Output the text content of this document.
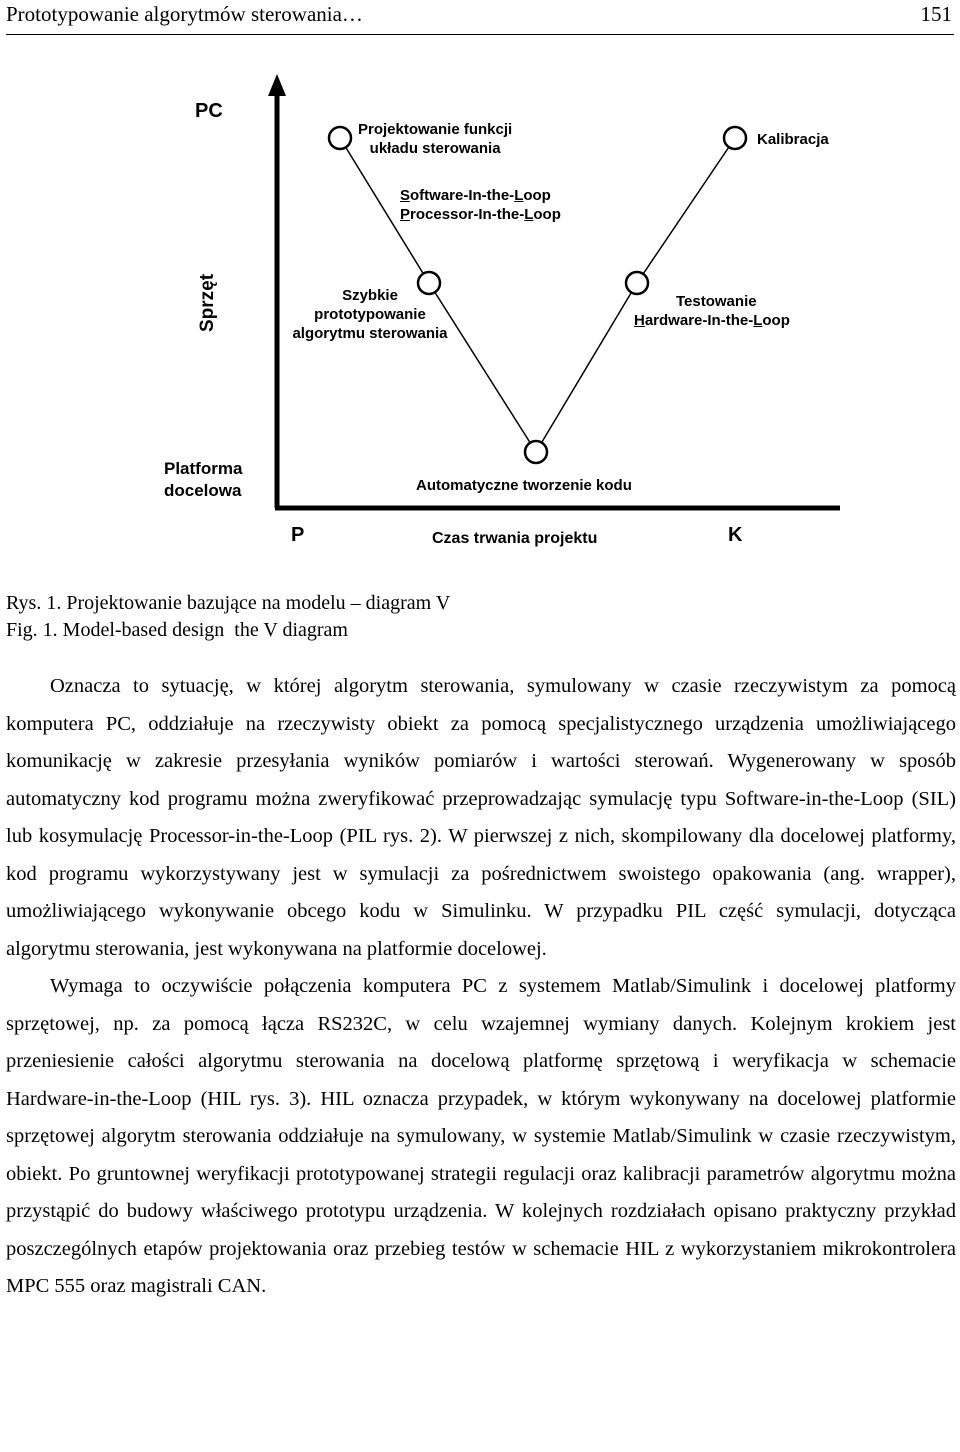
Prototypowanie algorytmów sterowania…	151
PC
Sprzęt
Platforma
docelowa
P	Czas trwania projektu	K
Projektowanie funkcji
układu sterowania
Software-In-the-Loop
Processor-In-the-Loop
Szybkie
prototypowanie
algorytmu sterowania
Automatyczne tworzenie kodu
Testowanie
Hardware-In-the-Loop
Kalibracja
Rys. 1. Projektowanie bazujące na modelu – diagram V
Fig. 1. Model-based design  the V diagram

Oznacza to sytuację, w której algorytm sterowania, symulowany w czasie rzeczywistym za pomocą komputera PC, oddziałuje na rzeczywisty obiekt za pomocą specjalistycznego urządzenia umożliwiającego komunikację w zakresie przesyłania wyników pomiarów i wartości sterowań. Wygenerowany w sposób automatyczny kod programu można zweryfikować przeprowadzając symulację typu Software-in-the-Loop (SIL) lub kosymulację Processor-in-the-Loop (PIL rys. 2). W pierwszej z nich, skompilowany dla docelowej platformy, kod programu wykorzystywany jest w symulacji za pośrednictwem swoistego opakowania (ang. wrapper), umożliwiającego wykonywanie obcego kodu w Simulinku. W przypadku PIL część symulacji, dotycząca algorytmu sterowania, jest wykonywana na platformie docelowej.

Wymaga to oczywiście połączenia komputera PC z systemem Matlab/Simulink i docelowej platformy sprzętowej, np. za pomocą łącza RS232C, w celu wzajemnej wymiany danych. Kolejnym krokiem jest przeniesienie całości algorytmu sterowania na docelową platformę sprzętową i weryfikacja w schemacie Hardware-in-the-Loop (HIL rys. 3). HIL oznacza przypadek, w którym wykonywany na docelowej platformie sprzętowej algorytm sterowania oddziałuje na symulowany, w systemie Matlab/Simulink w czasie rzeczywistym, obiekt. Po gruntownej weryfikacji prototypowanej strategii regulacji oraz kalibracji parametrów algorytmu można przystąpić do budowy właściwego prototypu urządzenia. W kolejnych rozdziałach opisano praktyczny przykład poszczególnych etapów projektowania oraz przebieg testów w schemacie HIL z wykorzystaniem mikrokontrolera MPC 555 oraz magistrali CAN.
